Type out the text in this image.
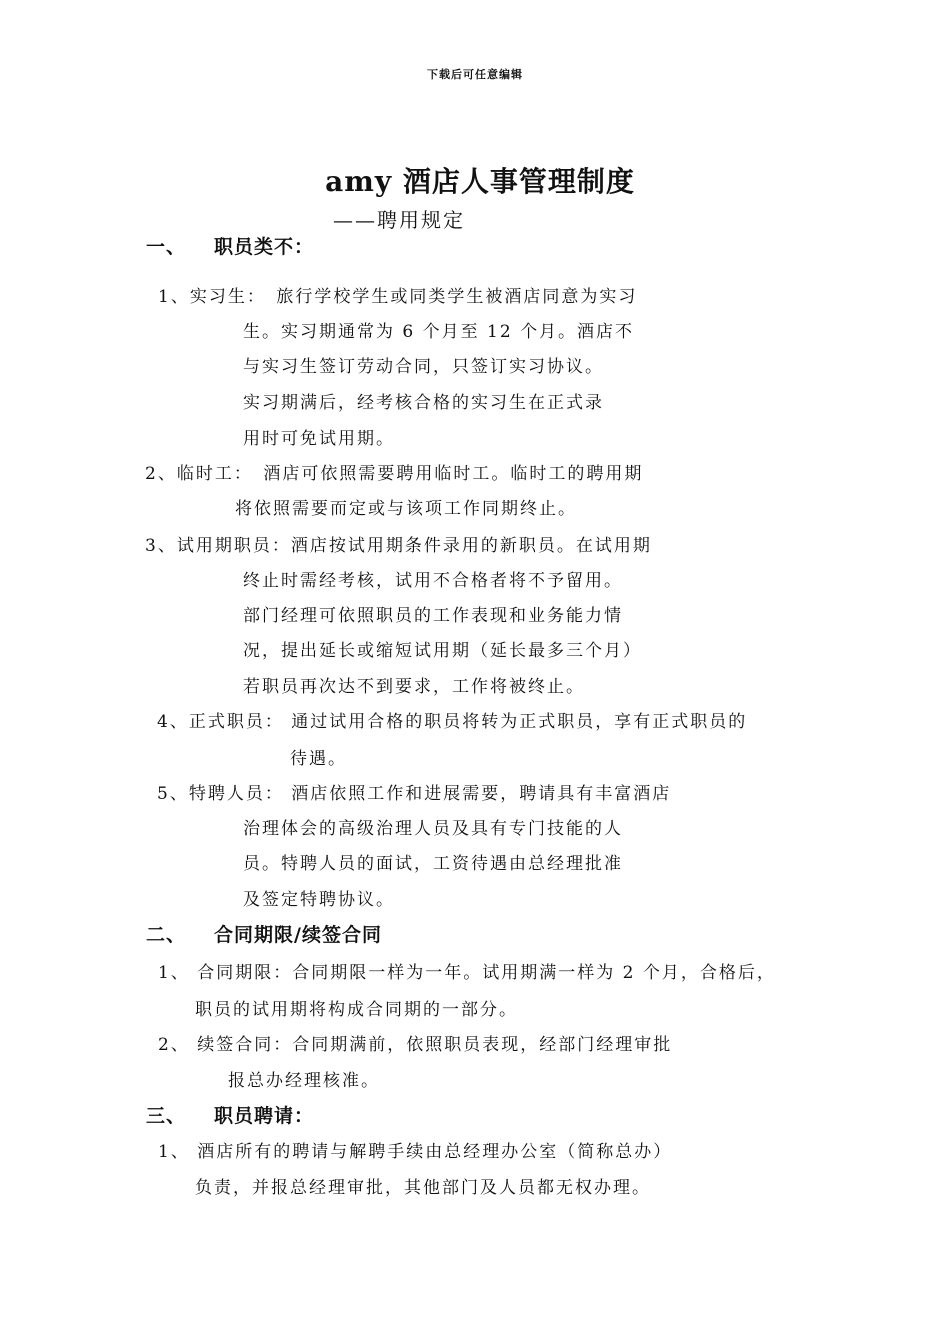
下载后可任意编辑
amy 酒店人事管理制度
——聘用规定
一、 职员类不：
1、实习生：　旅行学校学生或同类学生被酒店同意为实习
生。实习期通常为 6 个月至 12 个月。酒店不
与实习生签订劳动合同，只签订实习协议。
实习期满后，经考核合格的实习生在正式录
用时可免试用期。
2、临时工：　酒店可依照需要聘用临时工。临时工的聘用期
将依照需要而定或与该项工作同期终止。
3、试用期职员：酒店按试用期条件录用的新职员。在试用期
终止时需经考核，试用不合格者将不予留用。
部门经理可依照职员的工作表现和业务能力情
况，提出延长或缩短试用期（延长最多三个月）
若职员再次达不到要求，工作将被终止。
4、正式职员： 通过试用合格的职员将转为正式职员，享有正式职员的
待遇。
5、特聘人员： 酒店依照工作和进展需要，聘请具有丰富酒店
治理体会的高级治理人员及具有专门技能的人
员。特聘人员的面试，工资待遇由总经理批准
及签定特聘协议。
二、 合同期限/续签合同
1、 合同期限：合同期限一样为一年。试用期满一样为 2 个月，合格后，
职员的试用期将构成合同期的一部分。
2、 续签合同：合同期满前，依照职员表现，经部门经理审批
报总办经理核准。
三、 职员聘请：
1、 酒店所有的聘请与解聘手续由总经理办公室（简称总办）
负责，并报总经理审批，其他部门及人员都无权办理。
